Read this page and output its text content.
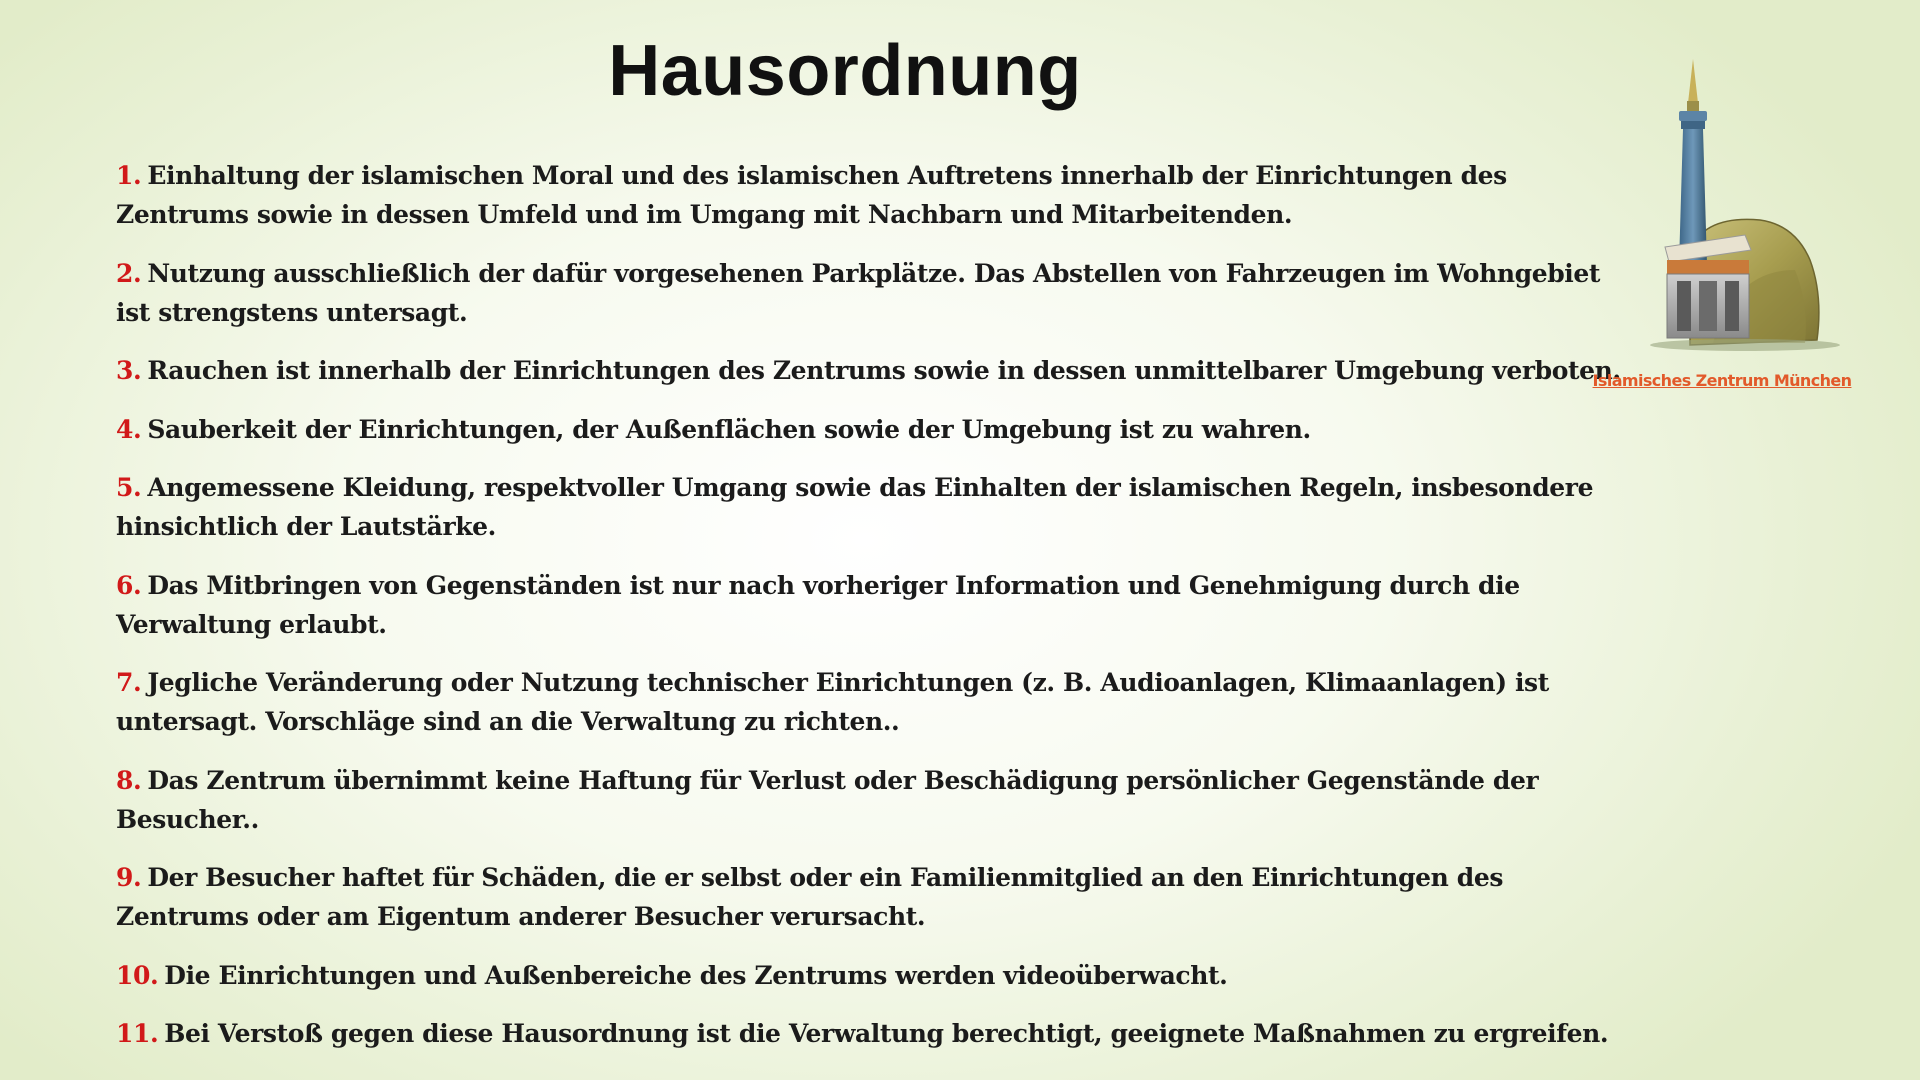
Hausordnung
1. Einhaltung der islamischen Moral und des islamischen Auftretens innerhalb der Einrichtungen des Zentrums sowie in dessen Umfeld und im Umgang mit Nachbarn und Mitarbeitenden.
2. Nutzung ausschließlich der dafür vorgesehenen Parkplätze. Das Abstellen von Fahrzeugen im Wohngebiet ist strengstens untersagt.
3. Rauchen ist innerhalb der Einrichtungen des Zentrums sowie in dessen unmittelbarer Umgebung verboten.
4. Sauberkeit der Einrichtungen, der Außenflächen sowie der Umgebung ist zu wahren.
5. Angemessene Kleidung, respektvoller Umgang sowie das Einhalten der islamischen Regeln, insbesondere hinsichtlich der Lautstärke.
6. Das Mitbringen von Gegenständen ist nur nach vorheriger Information und Genehmigung durch die Verwaltung erlaubt.
7. Jegliche Veränderung oder Nutzung technischer Einrichtungen (z. B. Audioanlagen, Klimaanlagen) ist untersagt. Vorschläge sind an die Verwaltung zu richten..
8. Das Zentrum übernimmt keine Haftung für Verlust oder Beschädigung persönlicher Gegenstände der Besucher..
9. Der Besucher haftet für Schäden, die er selbst oder ein Familienmitglied an den Einrichtungen des Zentrums oder am Eigentum anderer Besucher verursacht.
10. Die Einrichtungen und Außenbereiche des Zentrums werden videoüberwacht.
11. Bei Verstoß gegen diese Hausordnung ist die Verwaltung berechtigt, geeignete Maßnahmen zu ergreifen.
Islamisches Zentrum München
